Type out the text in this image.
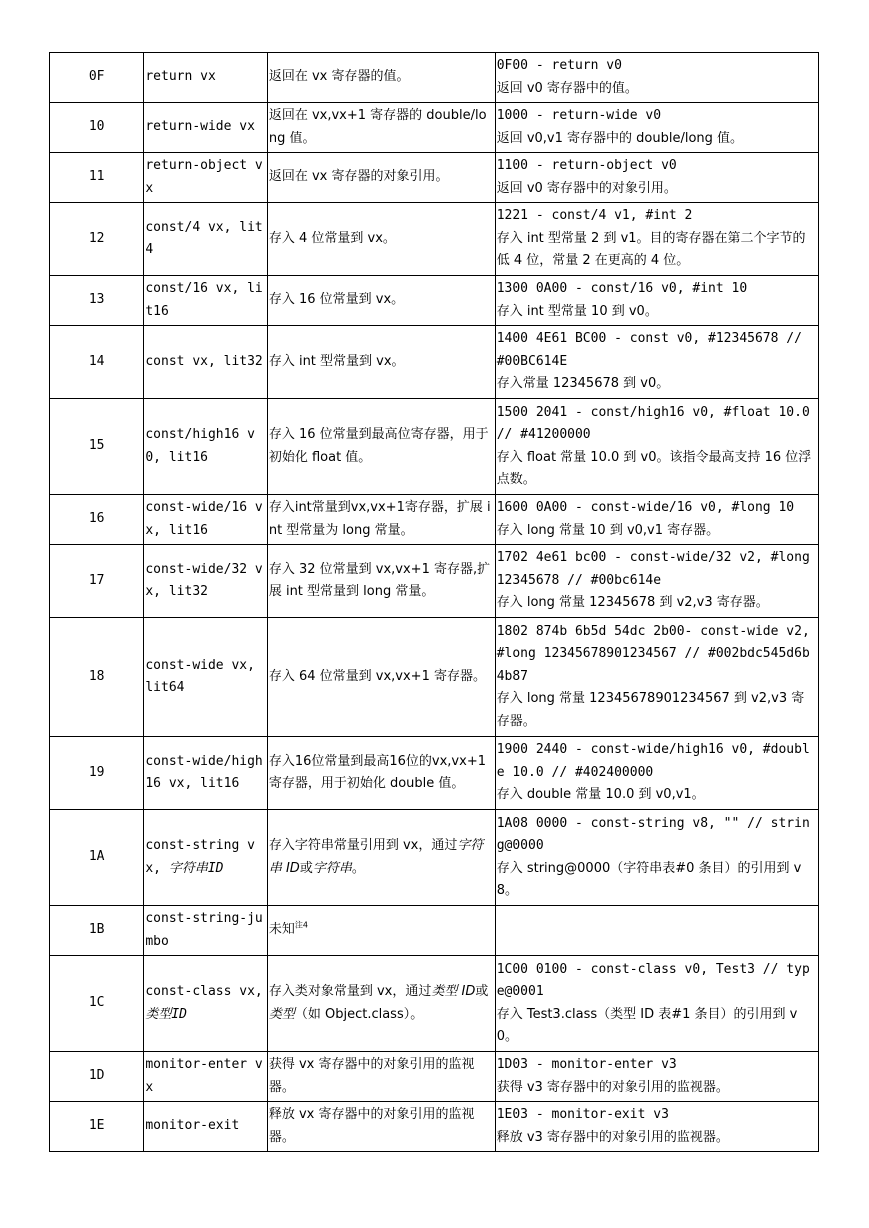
0F	return vx	返回在 vx 寄存器的值。	0F00 - return v0
返回 v0 寄存器中的值。

10	return-wide vx	返回在 vx,vx+1 寄存器的 double/long 值。	1000 - return-wide v0
返回 v0,v1 寄存器中的 double/long 值。

11	return-object vx	返回在 vx 寄存器的对象引用。	1100 - return-object v0
返回 v0 寄存器中的对象引用。

12	const/4 vx, lit4	存入 4 位常量到 vx。	1221 - const/4 v1, #int 2
存入 int 型常量 2 到 v1。目的寄存器在第二个字节的低 4 位，常量 2 在更高的 4 位。

13	const/16 vx, lit16	存入 16 位常量到 vx。	1300 0A00 - const/16 v0, #int 10
存入 int 型常量 10 到 v0。

14	const vx, lit32	存入 int 型常量到 vx。	1400 4E61 BC00 - const v0, #12345678 // #00BC614E
存入常量 12345678 到 v0。

15	const/high16 v0, lit16	存入 16 位常量到最高位寄存器，用于初始化 float 值。	1500 2041 - const/high16 v0, #float 10.0 // #41200000
存入 float 常量 10.0 到 v0。该指令最高支持 16 位浮点数。

16	const-wide/16 vx, lit16	存入int常量到vx,vx+1寄存器，扩展 int 型常量为 long 常量。	1600 0A00 - const-wide/16 v0, #long 10
存入 long 常量 10 到 v0,v1 寄存器。

17	const-wide/32 vx, lit32	存入 32 位常量到 vx,vx+1 寄存器,扩展 int 型常量到 long 常量。	1702 4e61 bc00 - const-wide/32 v2, #long 12345678 // #00bc614e
存入 long 常量 12345678 到 v2,v3 寄存器。

18	const-wide vx, lit64	存入 64 位常量到 vx,vx+1 寄存器。	1802 874b 6b5d 54dc 2b00- const-wide v2, #long 12345678901234567 // #002bdc545d6b4b87
存入 long 常量 12345678901234567 到 v2,v3 寄存器。

19	const-wide/high16 vx, lit16	存入16位常量到最高16位的vx,vx+1 寄存器，用于初始化 double 值。	1900 2440 - const-wide/high16 v0, #double 10.0 // #402400000
存入 double 常量 10.0 到 v0,v1。

1A	const-string vx, 字符串ID	存入字符串常量引用到 vx，通过字符串 ID或字符串。	1A08 0000 - const-string v8, "" // string@0000
存入 string@0000（字符串表#0 条目）的引用到 v8。

1B	const-string-jumbo	未知$^{注4}$	

1C	const-class vx, 类型ID	存入类对象常量到 vx，通过类型 ID或类型（如 Object.class）。	1C00 0100 - const-class v0, Test3 // type@0001
存入 Test3.class（类型 ID 表#1 条目）的引用到 v0。

1D	monitor-enter vx	获得 vx 寄存器中的对象引用的监视器。	1D03 - monitor-enter v3
获得 v3 寄存器中的对象引用的监视器。

1E	monitor-exit	释放 vx 寄存器中的对象引用的监视器。	1E03 - monitor-exit v3
释放 v3 寄存器中的对象引用的监视器。
